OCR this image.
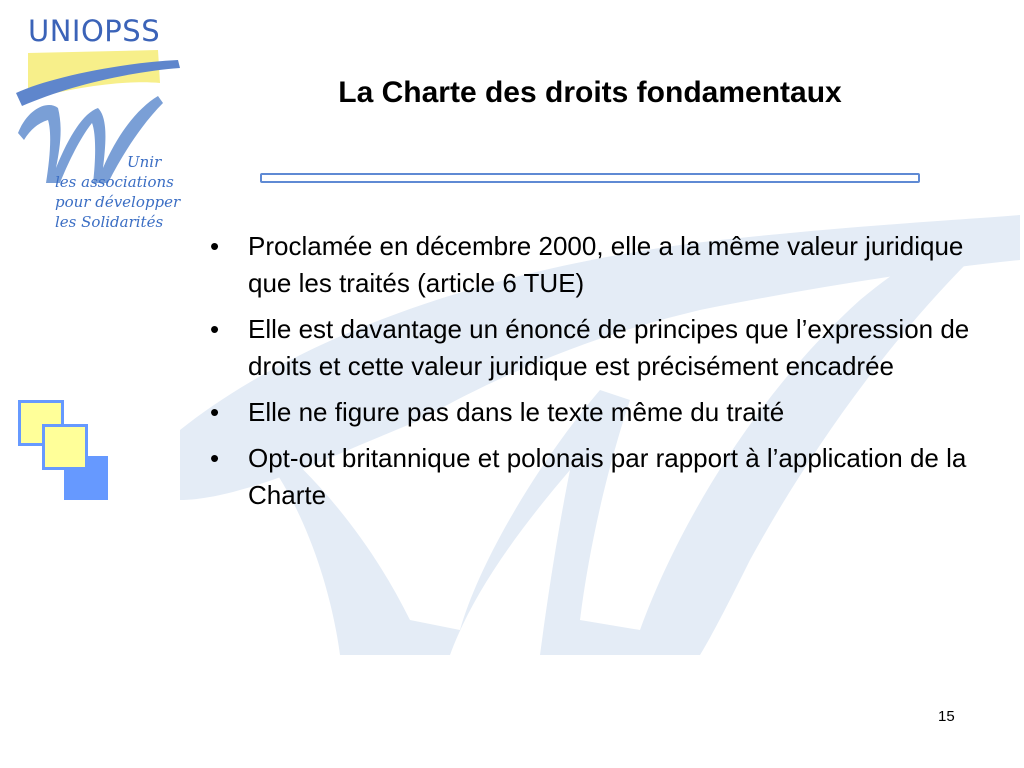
UNIOPSS
Unir
les associations
pour développer
les Solidarités
La Charte des droits fondamentaux
• Proclamée en décembre 2000, elle a la même valeur juridique que les traités (article 6 TUE)
• Elle est davantage un énoncé de principes que l’expression de droits et cette valeur juridique est précisément encadrée
• Elle ne figure pas dans le texte même du traité
• Opt-out britannique et polonais par rapport à l’application de la Charte
15
